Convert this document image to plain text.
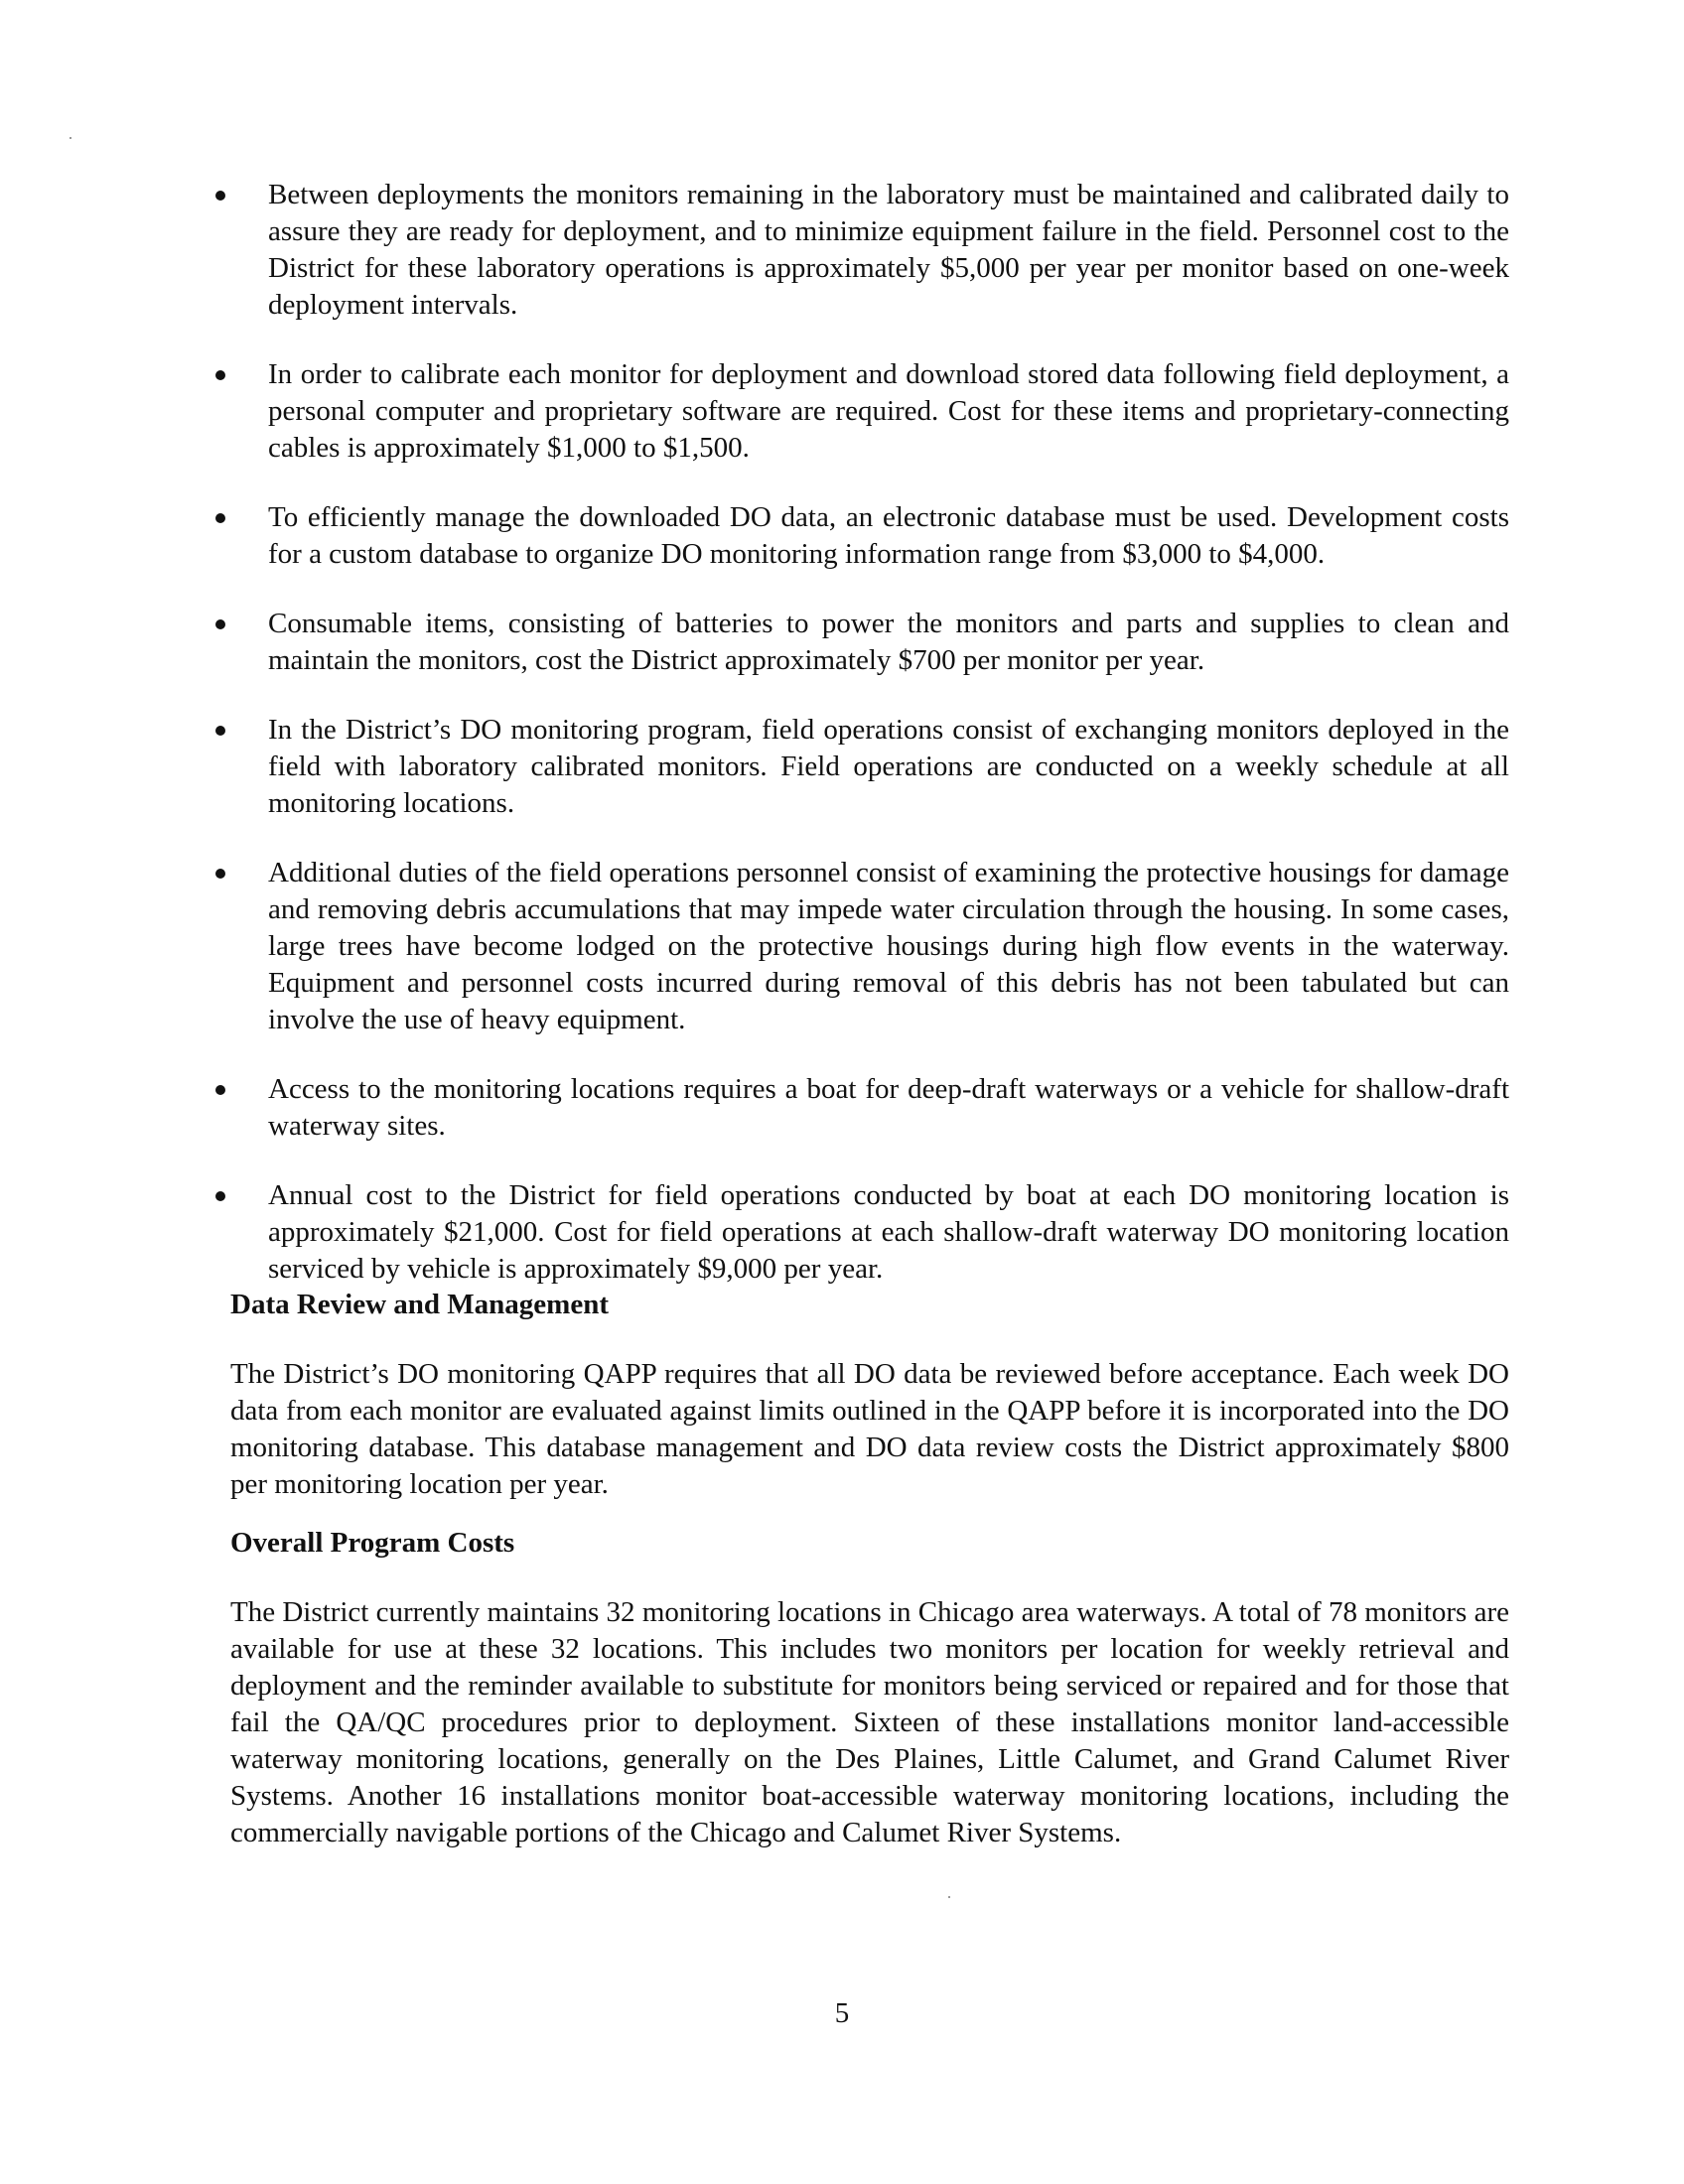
Between deployments the monitors remaining in the laboratory must be maintained and calibrated daily to assure they are ready for deployment, and to minimize equipment failure in the field. Personnel cost to the District for these laboratory operations is approximately $5,000 per year per monitor based on one-week deployment intervals.
In order to calibrate each monitor for deployment and download stored data following field deployment, a personal computer and proprietary software are required. Cost for these items and proprietary-connecting cables is approximately $1,000 to $1,500.
To efficiently manage the downloaded DO data, an electronic database must be used. Development costs for a custom database to organize DO monitoring information range from $3,000 to $4,000.
Consumable items, consisting of batteries to power the monitors and parts and supplies to clean and maintain the monitors, cost the District approximately $700 per monitor per year.
In the District’s DO monitoring program, field operations consist of exchanging monitors deployed in the field with laboratory calibrated monitors. Field operations are conducted on a weekly schedule at all monitoring locations.
Additional duties of the field operations personnel consist of examining the protective housings for damage and removing debris accumulations that may impede water circulation through the housing. In some cases, large trees have become lodged on the protective housings during high flow events in the waterway. Equipment and personnel costs incurred during removal of this debris has not been tabulated but can involve the use of heavy equipment.
Access to the monitoring locations requires a boat for deep-draft waterways or a vehicle for shallow-draft waterway sites.
Annual cost to the District for field operations conducted by boat at each DO monitoring location is approximately $21,000. Cost for field operations at each shallow-draft waterway DO monitoring location serviced by vehicle is approximately $9,000 per year.
Data Review and Management

The District’s DO monitoring QAPP requires that all DO data be reviewed before acceptance. Each week DO data from each monitor are evaluated against limits outlined in the QAPP before it is incorporated into the DO monitoring database. This database management and DO data review costs the District approximately $800 per monitoring location per year.

Overall Program Costs

The District currently maintains 32 monitoring locations in Chicago area waterways. A total of 78 monitors are available for use at these 32 locations. This includes two monitors per location for weekly retrieval and deployment and the reminder available to substitute for monitors being serviced or repaired and for those that fail the QA/QC procedures prior to deployment. Sixteen of these installations monitor land-accessible waterway monitoring locations, generally on the Des Plaines, Little Calumet, and Grand Calumet River Systems. Another 16 installations monitor boat-accessible waterway monitoring locations, including the commercially navigable portions of the Chicago and Calumet River Systems.

5
